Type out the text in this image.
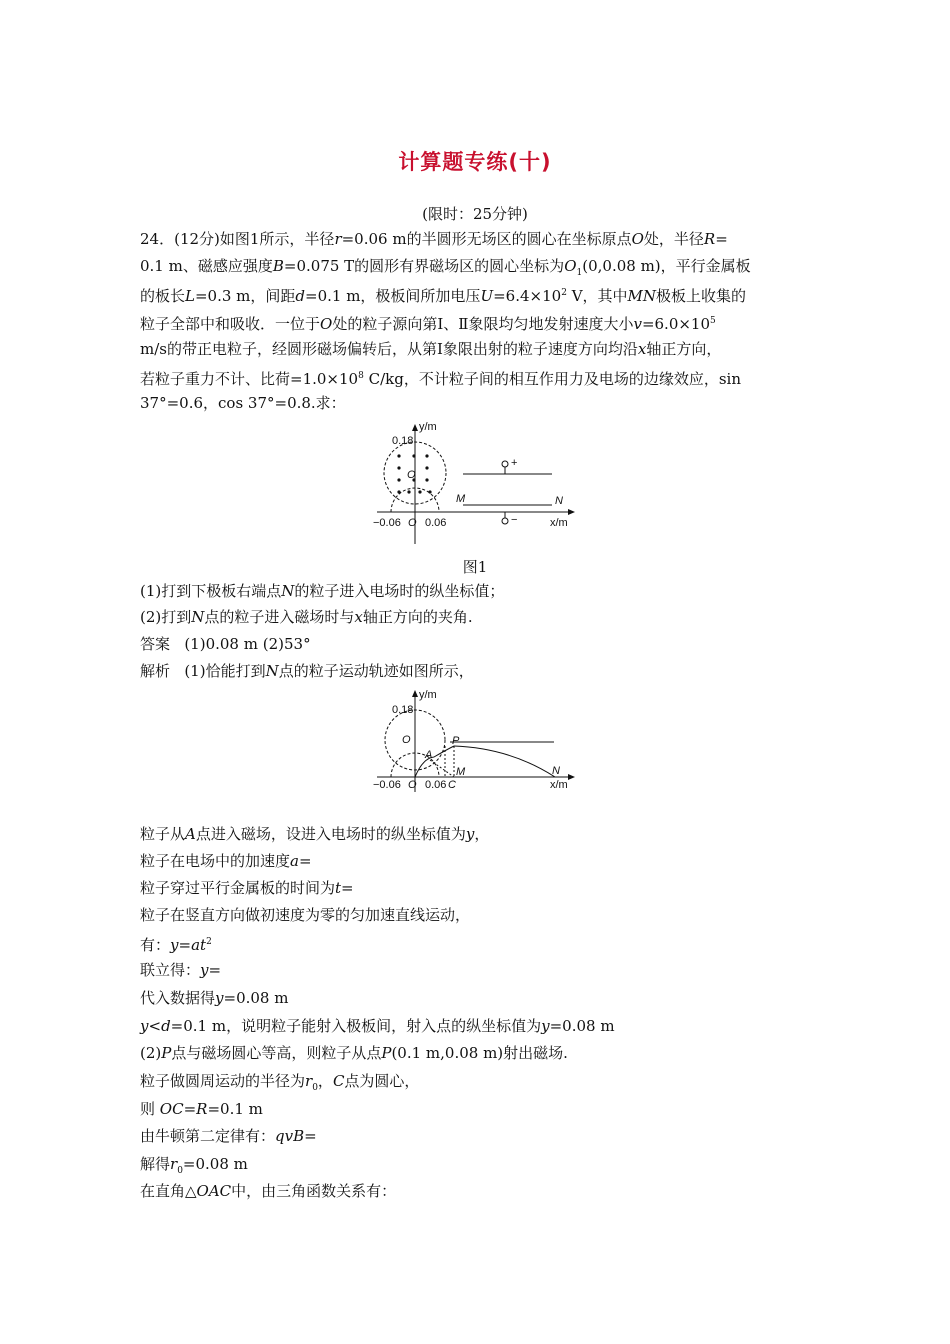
计算题专练(十)
(限时：25分钟)
24．(12分)如图1所示，半径r=0.06 m的半圆形无场区的圆心在坐标原点O处，半径R=
0.1 m、磁感应强度B=0.075 T的圆形有界磁场区的圆心坐标为$O_1(0,0.08$ m)，平行金属板
的板长L=0.3 m，间距d=0.1 m，极板间所加电压$U=6.4\times 10^2$ V，其中MN极板上收集的
粒子全部中和吸收．一位于O处的粒子源向第Ⅰ、Ⅱ象限均匀地发射速度大小$v=6.0\times 10^5$
m/s的带正电粒子，经圆形磁场偏转后，从第Ⅰ象限出射的粒子速度方向均沿x轴正方向，
若粒子重力不计、比荷$=1.0\times 10^8$ C/kg，不计粒子间的相互作用力及电场的边缘效应，sin
37°=0.6，cos 37°=0.8.求：
y/m
0.18
O
+
−
M	N
−0.06 O 0.06	x/m
图1
(1)打到下极板右端点N的粒子进入电场时的纵坐标值；
(2)打到N点的粒子进入磁场时与x轴正方向的夹角.
答案 (1)0.08 m (2)53°
解析 (1)恰能打到N点的粒子运动轨迹如图所示，
y/m
0.18
O
A
P
M	N
−0.06 O 0.06 C	x/m
粒子从A点进入磁场，设进入电场时的纵坐标值为y，
粒子在电场中的加速度a=
粒子穿过平行金属板的时间为t=
粒子在竖直方向做初速度为零的匀加速直线运动，
有：$y=at^2$
联立得：y=
代入数据得y=0.08 m
y<d=0.1 m，说明粒子能射入极板间，射入点的纵坐标值为y=0.08 m
(2)P点与磁场圆心等高，则粒子从点P(0.1 m,0.08 m)射出磁场.
粒子做圆周运动的半径为$r_0$，C点为圆心，
则 OC=R=0.1 m
由牛顿第二定律有：qvB=
解得$r_0=0.08$ m
在直角△OAC中，由三角函数关系有：
